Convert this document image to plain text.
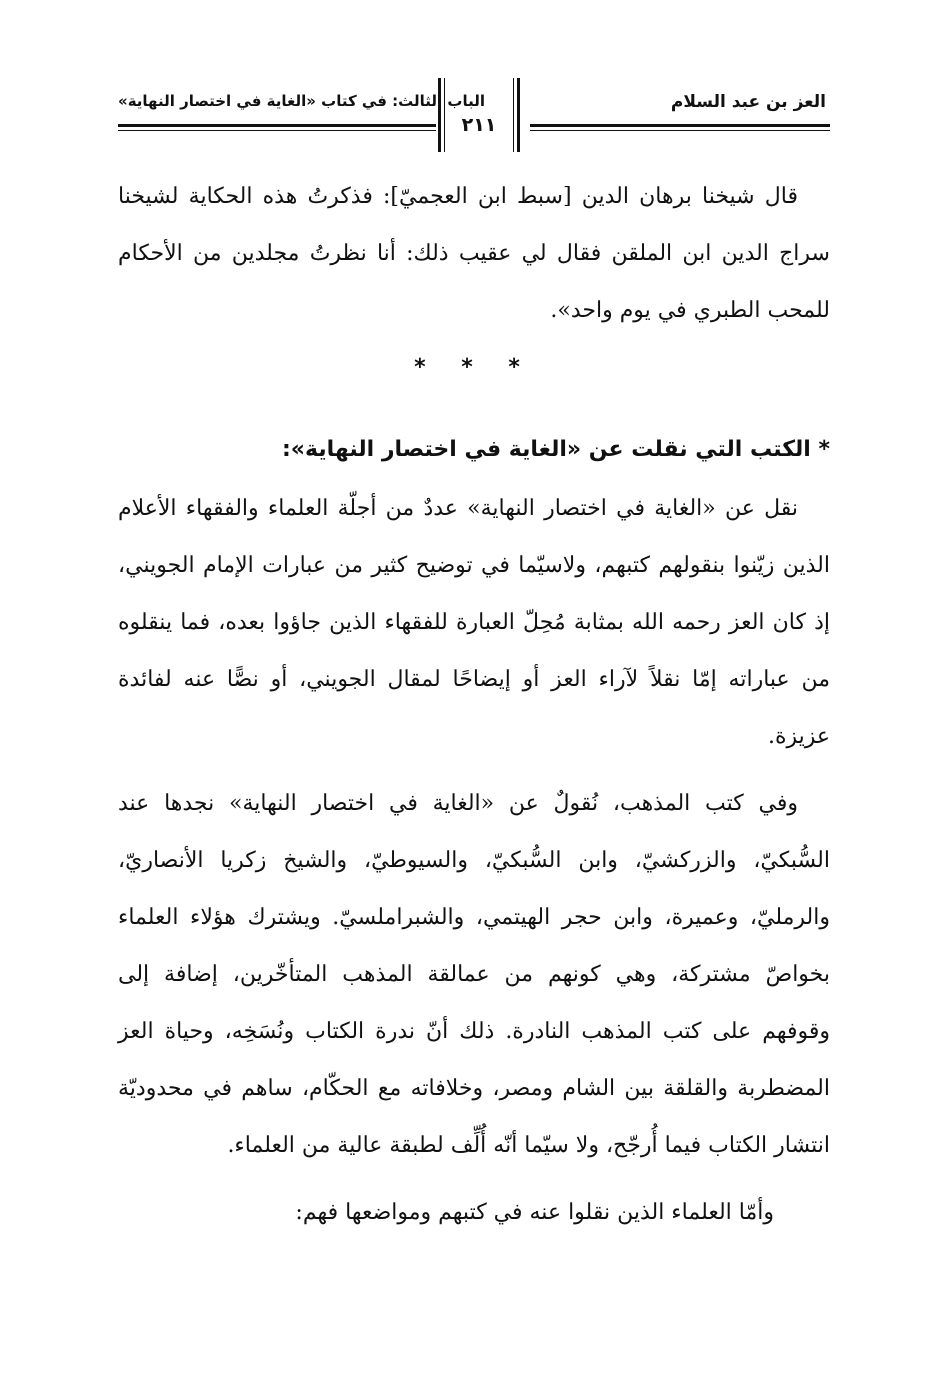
العز بن عبد السلام
الباب الثالث: في كتاب «الغاية في اختصار النهاية»
٢١١

قال شيخنا برهان الدين [سبط ابن العجميّ]: فذكرتُ هذه الحكاية لشيخنا سراج الدين ابن الملقن فقال لي عقيب ذلك: أنا نظرتُ مجلدين من الأحكام للمحب الطبري في يوم واحد».

* * *
* الكتب التي نقلت عن «الغاية في اختصار النهاية»:

نقل عن «الغاية في اختصار النهاية» عددٌ من أجلّة العلماء والفقهاء الأعلام الذين زيّنوا بنقولهم كتبهم، ولاسيّما في توضيح كثير من عبارات الإمام الجويني، إذ كان العز رحمه الله بمثابة مُحِلّ العبارة للفقهاء الذين جاؤوا بعده، فما ينقلوه من عباراته إمّا نقلاً لآراء العز أو إيضاحًا لمقال الجويني، أو نصًّا عنه لفائدة عزيزة.

وفي كتب المذهب، نُقولٌ عن «الغاية في اختصار النهاية» نجدها عند السُّبكيّ، والزركشيّ، وابن السُّبكيّ، والسيوطيّ، والشيخ زكريا الأنصاريّ، والرمليّ، وعميرة، وابن حجر الهيتمي، والشبراملسيّ. ويشترك هؤلاء العلماء بخواصّ مشتركة، وهي كونهم من عمالقة المذهب المتأخّرين، إضافة إلى وقوفهم على كتب المذهب النادرة. ذلك أنّ ندرة الكتاب ونُسَخِه، وحياة العز المضطربة والقلقة بين الشام ومصر، وخلافاته مع الحكّام، ساهم في محدوديّة انتشار الكتاب فيما أُرجّح، ولا سيّما أنّه أُلِّف لطبقة عالية من العلماء.

وأمّا العلماء الذين نقلوا عنه في كتبهم ومواضعها فهم:
